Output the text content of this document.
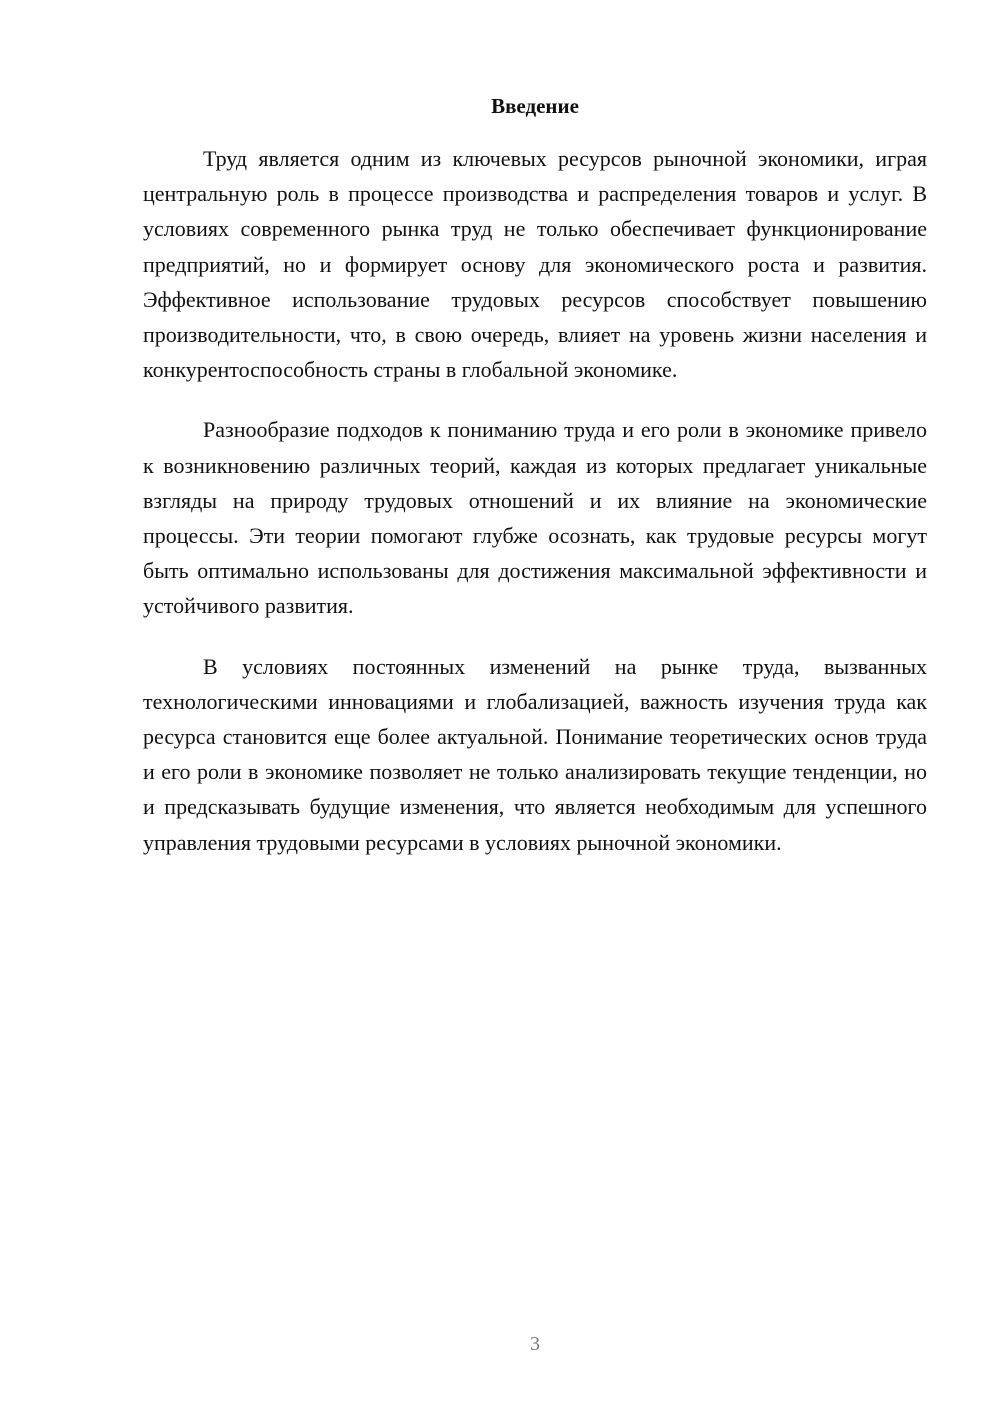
Введение

Труд является одним из ключевых ресурсов рыночной экономики, играя центральную роль в процессе производства и распределения товаров и услуг. В условиях современного рынка труд не только обеспечивает функционирование предприятий, но и формирует основу для экономического роста и развития. Эффективное использование трудовых ресурсов способствует повышению производительности, что, в свою очередь, влияет на уровень жизни населения и конкурентоспособность страны в глобальной экономике.

Разнообразие подходов к пониманию труда и его роли в экономике привело к возникновению различных теорий, каждая из которых предлагает уникальные взгляды на природу трудовых отношений и их влияние на экономические процессы. Эти теории помогают глубже осознать, как трудовые ресурсы могут быть оптимально использованы для достижения максимальной эффективности и устойчивого развития.

В условиях постоянных изменений на рынке труда, вызванных технологическими инновациями и глобализацией, важность изучения труда как ресурса становится еще более актуальной. Понимание теоретических основ труда и его роли в экономике позволяет не только анализировать текущие тенденции, но и предсказывать будущие изменения, что является необходимым для успешного управления трудовыми ресурсами в условиях рыночной экономики.

3
